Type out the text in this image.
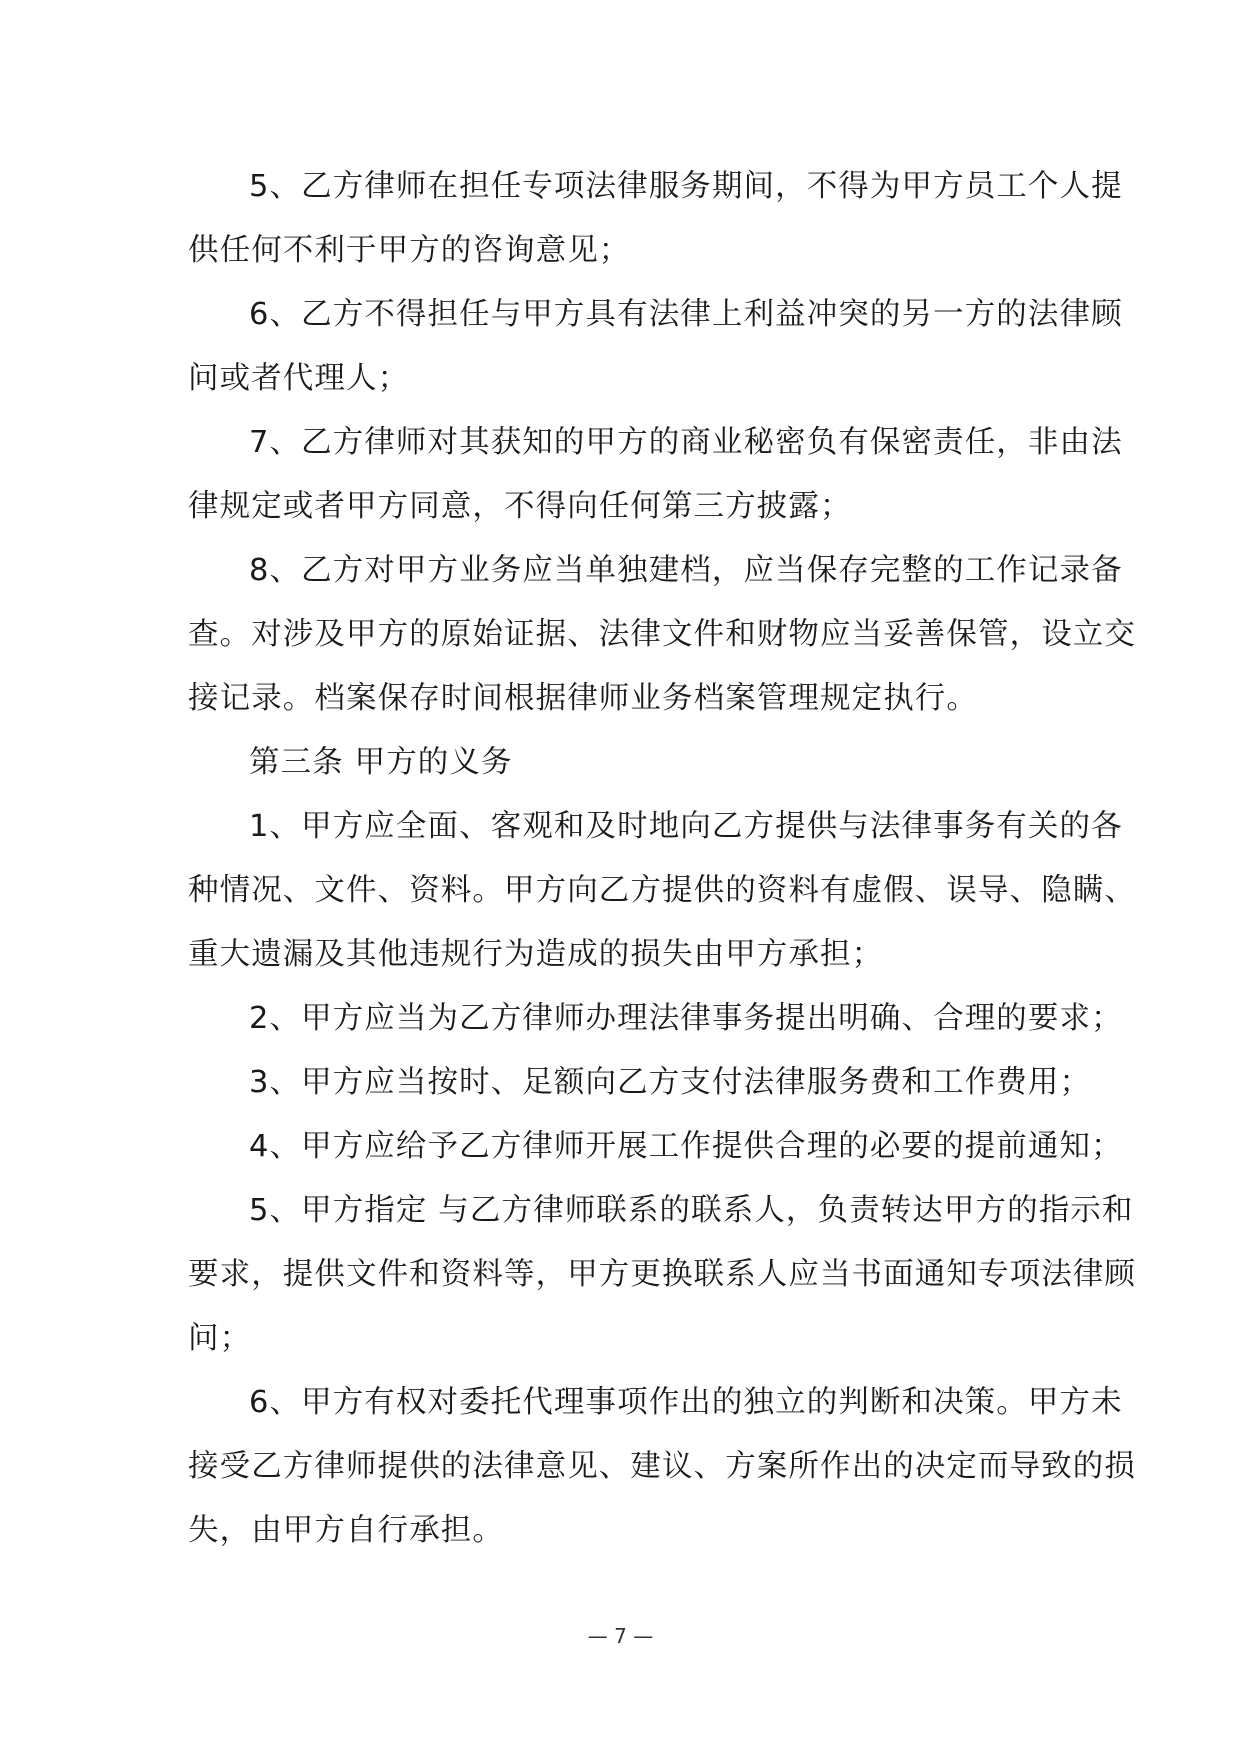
5、乙方律师在担任专项法律服务期间，不得为甲方员工个人提
供任何不利于甲方的咨询意见；

6、乙方不得担任与甲方具有法律上利益冲突的另一方的法律顾
问或者代理人；

7、乙方律师对其获知的甲方的商业秘密负有保密责任，非由法
律规定或者甲方同意，不得向任何第三方披露；

8、乙方对甲方业务应当单独建档，应当保存完整的工作记录备
查。对涉及甲方的原始证据、法律文件和财物应当妥善保管，设立交
接记录。档案保存时间根据律师业务档案管理规定执行。

第三条 甲方的义务

1、甲方应全面、客观和及时地向乙方提供与法律事务有关的各
种情况、文件、资料。甲方向乙方提供的资料有虚假、误导、隐瞒、
重大遗漏及其他违规行为造成的损失由甲方承担；

2、甲方应当为乙方律师办理法律事务提出明确、合理的要求；

3、甲方应当按时、足额向乙方支付法律服务费和工作费用；

4、甲方应给予乙方律师开展工作提供合理的必要的提前通知；

5、甲方指定 与乙方律师联系的联系人，负责转达甲方的指示和
要求，提供文件和资料等，甲方更换联系人应当书面通知专项法律顾
问；

6、甲方有权对委托代理事项作出的独立的判断和决策。甲方未
接受乙方律师提供的法律意见、建议、方案所作出的决定而导致的损
失，由甲方自行承担。

— 7 —
